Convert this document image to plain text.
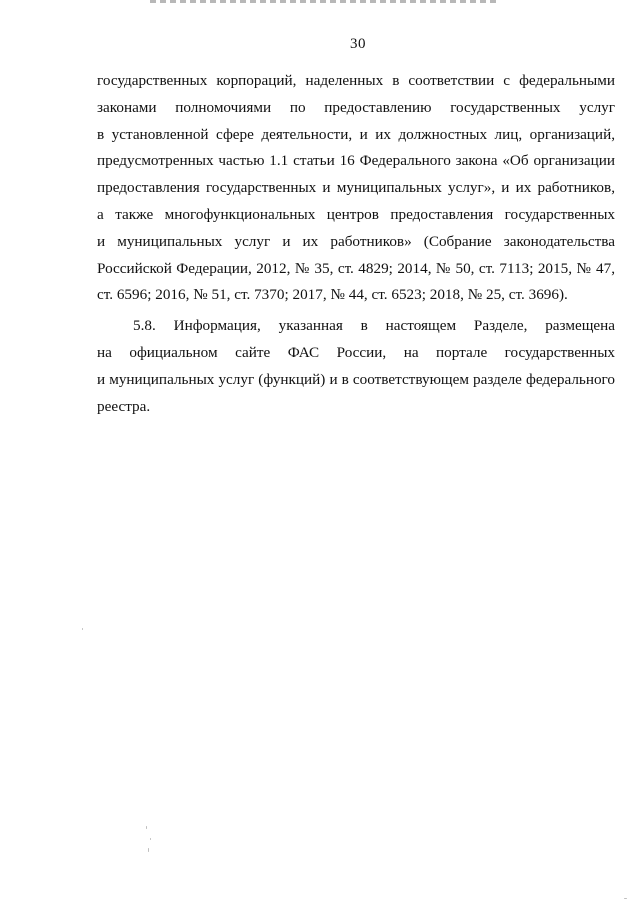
30
государственных корпораций, наделенных в соответствии с федеральными
законами полномочиями по предоставлению государственных услуг
в установленной сфере деятельности, и их должностных лиц, организаций,
предусмотренных частью 1.1 статьи 16 Федерального закона «Об организации
предоставления государственных и муниципальных услуг», и их работников,
а также многофункциональных центров предоставления государственных
и муниципальных услуг и их работников» (Собрание законодательства
Российской Федерации, 2012, № 35, ст. 4829; 2014, № 50, ст. 7113; 2015, № 47,
ст. 6596; 2016, № 51, ст. 7370; 2017, № 44, ст. 6523; 2018, № 25, ст. 3696).
5.8. Информация, указанная в настоящем Разделе, размещена
на официальном сайте ФАС России, на портале государственных
и муниципальных услуг (функций) и в соответствующем разделе федерального
реестра.
